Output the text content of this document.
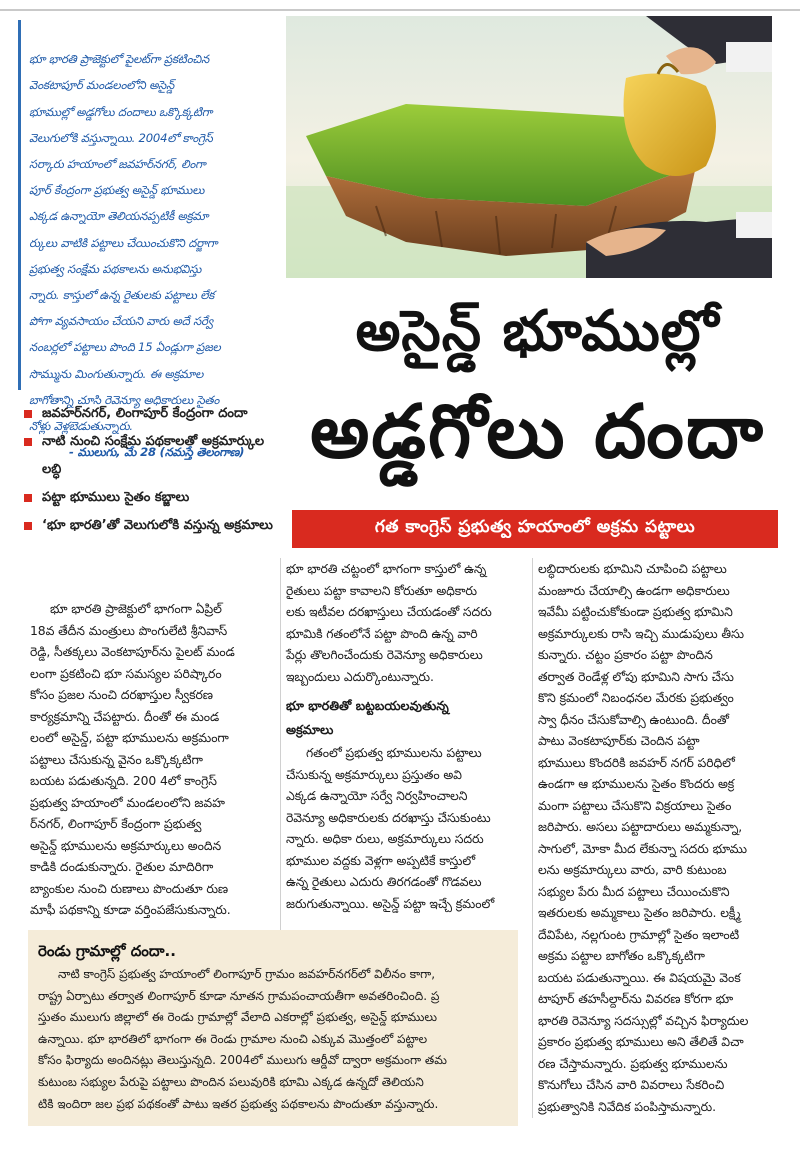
భూ భారతి ప్రాజెక్టులో పైలట్‌గా ప్రకటించిన
వెంకటాపూర్ మండలంలోని అసైన్డ్
భూముల్లో అడ్డగోలు దందాలు ఒక్కొక్కటిగా
వెలుగులోకి వస్తున్నాయి. 2004లో కాంగ్రెస్
సర్కారు హయాంలో జవహర్‌నగర్, లింగా
పూర్ కేంద్రంగా ప్రభుత్వ అసైన్డ్ భూములు
ఎక్కడ ఉన్నాయో తెలియనప్పటికీ అక్రమా
ర్కులు వాటికి పట్టాలు చేయించుకొని దర్జాగా
ప్రభుత్వ సంక్షేమ పథకాలను అనుభవిస్తు
న్నారు. కాస్తులో ఉన్న రైతులకు పట్టాలు లేక
పోగా వ్యవసాయం చేయని వారు అదే సర్వే
నంబర్లలో పట్టాలు పొంది 15 ఏండ్లుగా ప్రజల
సొమ్మును మింగుతున్నారు. ఈ అక్రమాల
బాగోతాన్ని చూసి రెవెన్యూ అధికారులు సైతం
నోళ్లు వెళ్లబెడుతున్నారు.

- ములుగు, మే 28 (నమస్తే తెలంగాణ)

అసైన్డ్ భూముల్లో
అడ్డగోలు దందా
గత కాంగ్రెస్ ప్రభుత్వ హయాంలో అక్రమ పట్టాలు
జవహర్‌నగర్, లింగాపూర్ కేంద్రంగా దందా
నాటి నుంచి సంక్షేమ పథకాలతో అక్రమార్కుల లబ్ధి
పట్టా భూములు సైతం కబ్జాలు
‘భూ భారతి’తో వెలుగులోకి వస్తున్న అక్రమాలు
భూ భారతి ప్రాజెక్టులో భాగంగా ఏప్రిల్
18వ తేదీన మంత్రులు పొంగులేటి శ్రీనివాస్
రెడ్డి, సీతక్కలు వెంకటాపూర్‌ను పైలట్ మండ
లంగా ప్రకటించి భూ సమస్యల పరిష్కారం
కోసం ప్రజల నుంచి దరఖాస్తుల స్వీకరణ
కార్యక్రమాన్ని చేపట్టారు. దీంతో ఈ మండ
లంలో అసైన్డ్, పట్టా భూములను అక్రమంగా
పట్టాలు చేసుకున్న వైనం ఒక్కొక్కటిగా
బయట పడుతున్నది. 200 4లో కాంగ్రెస్
ప్రభుత్వ హయాంలో మండలంలోని జవహ
ర్‌నగర్, లింగాపూర్ కేంద్రంగా ప్రభుత్వ
అసైన్డ్ భూములను అక్రమార్కులు అందిన
కాడికి దండుకున్నారు. రైతుల మాదిరిగా
బ్యాంకుల నుంచి రుణాలు పొందుతూ రుణ
మాఫీ పథకాన్ని కూడా వర్తింపజేసుకున్నారు.
భూ భారతి చట్టంలో భాగంగా కాస్తులో ఉన్న
రైతులు పట్టా కావాలని కోరుతూ అధికారు
లకు ఇటీవల దరఖాస్తులు చేయడంతో సదరు
భూమికి గతంలోనే పట్టా పొంది ఉన్న వారి
పేర్లు తొలగించేందుకు రెవెన్యూ అధికారులు
ఇబ్బందులు ఎదుర్కొంటున్నారు.
భూ భారతితో బట్టబయలవుతున్న
అక్రమాలు
గతంలో ప్రభుత్వ భూములను పట్టాలు
చేసుకున్న అక్రమార్కులు ప్రస్తుతం అవి
ఎక్కడ ఉన్నాయో సర్వే నిర్వహించాలని
రెవెన్యూ అధికారులకు దరఖాస్తు చేసుకుంటు
న్నారు. అధికా రులు, అక్రమార్కులు సదరు
భూముల వద్దకు వెళ్లగా అప్పటికే కాస్తులో
ఉన్న రైతులు ఎదురు తిరగడంతో గొడవలు
జరుగుతున్నాయి. అసైన్డ్ పట్టా ఇచ్చే క్రమంలో
లబ్ధిదారులకు భూమిని చూపించి పట్టాలు
మంజూరు చేయాల్సి ఉండగా అధికారులు
ఇవేమీ పట్టించుకోకుండా ప్రభుత్వ భూమిని
అక్రమార్కులకు రాసి ఇచ్చి ముడుపులు తీసు
కున్నారు. చట్టం ప్రకారం పట్టా పొందిన
తర్వాత రెండేళ్ల లోపు భూమిని సాగు చేసు
కొని క్రమంలో నిబంధనల మేరకు ప్రభుత్వం
స్వా ధీనం చేసుకోవాల్సి ఉంటుంది. దీంతో
పాటు వెంకటాపూర్‌కు చెందిన పట్టా
భూములు కొందరికి జవహర్ నగర్ పరిధిలో
ఉండగా ఆ భూములను సైతం కొందరు అక్ర
మంగా పట్టాలు చేసుకొని విక్రయాలు సైతం
జరిపారు. అసలు పట్టాదారులు అమ్మకున్నా,
సాగులో, మోకా మీద లేకున్నా సదరు భూము
లను అక్రమార్కులు వారు, వారి కుటుంబ
సభ్యుల పేరు మీద పట్టాలు చేయించుకొని
ఇతరులకు అమ్మకాలు సైతం జరిపారు. లక్ష్మీ
దేవిపేట, నల్లగుంట గ్రామాల్లో సైతం ఇలాంటి
అక్రమ పట్టాల బాగోతం ఒక్కొక్కటిగా
బయట పడుతున్నాయి. ఈ విషయమై వెంక
టాపూర్ తహసీల్దార్‌ను వివరణ కోరగా భూ
భారతి రెవెన్యూ సదస్సుల్లో వచ్చిన ఫిర్యాదుల
ప్రకారం ప్రభుత్వ భూములు అని తేలితే విచా
రణ చేస్తామన్నారు. ప్రభుత్వ భూములను
కొనుగోలు చేసిన వారి వివరాలు సేకరించి
ప్రభుత్వానికి నివేదిక పంపిస్తామన్నారు.
రెండు గ్రామాల్లో దందా..
నాటి కాంగ్రెస్ ప్రభుత్వ హయాంలో లింగాపూర్ గ్రామం జవహర్‌నగర్‌లో విలీనం కాగా,
రాష్ట్ర ఏర్పాటు తర్వాత లింగాపూర్ కూడా నూతన గ్రామపంచాయతీగా అవతరించింది. ప్ర
స్తుతం ములుగు జిల్లాలో ఈ రెండు గ్రామాల్లో వేలాది ఎకరాల్లో ప్రభుత్వ, అసైన్డ్ భూములు
ఉన్నాయి. భూ భారతిలో భాగంగా ఈ రెండు గ్రామాల నుంచి ఎక్కువ మొత్తంలో పట్టాల
కోసం ఫిర్యాదు అందినట్లు తెలుస్తున్నది. 2004లో ములుగు ఆర్డీవో ద్వారా అక్రమంగా తమ
కుటుంబ సభ్యుల పేరుపై పట్టాలు పొందిన పలువురికి భూమి ఎక్కడ ఉన్నదో తెలియని
టికి ఇందిరా జల ప్రభ పథకంతో పాటు ఇతర ప్రభుత్వ పథకాలను పొందుతూ వస్తున్నారు.
